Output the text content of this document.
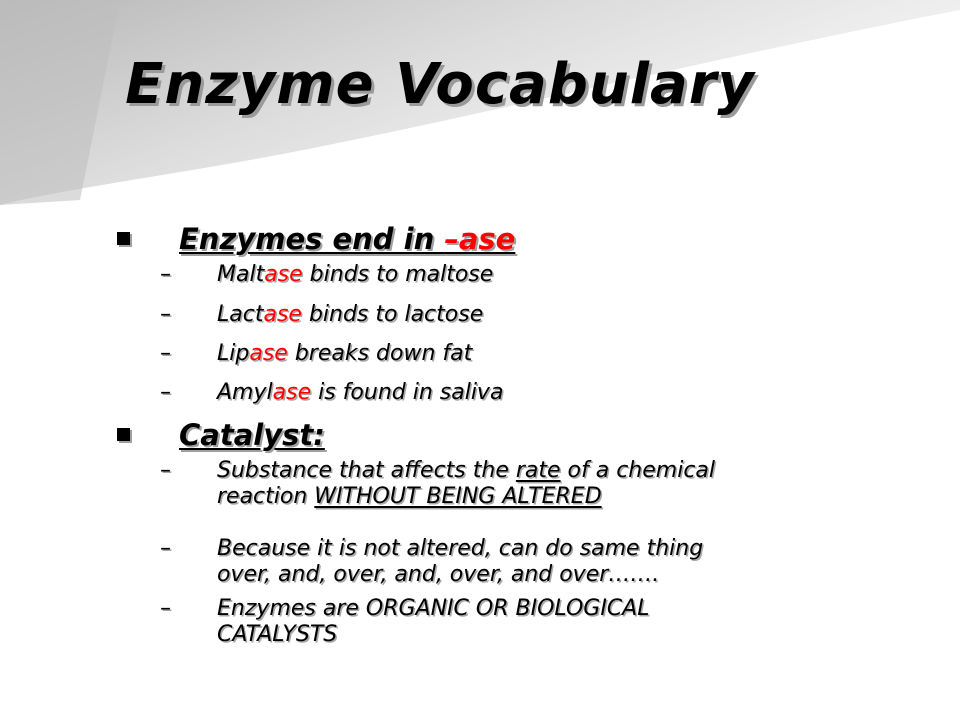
Enzyme Vocabulary
Enzymes end in –ase
– Maltase binds to maltose
– Lactase binds to lactose
– Lipase breaks down fat
– Amylase is found in saliva
Catalyst:
– Substance that affects the rate of a chemical
reaction WITHOUT BEING ALTERED
– Because it is not altered, can do same thing
over, and, over, and, over, and over…….
– Enzymes are ORGANIC OR BIOLOGICAL
CATALYSTS
